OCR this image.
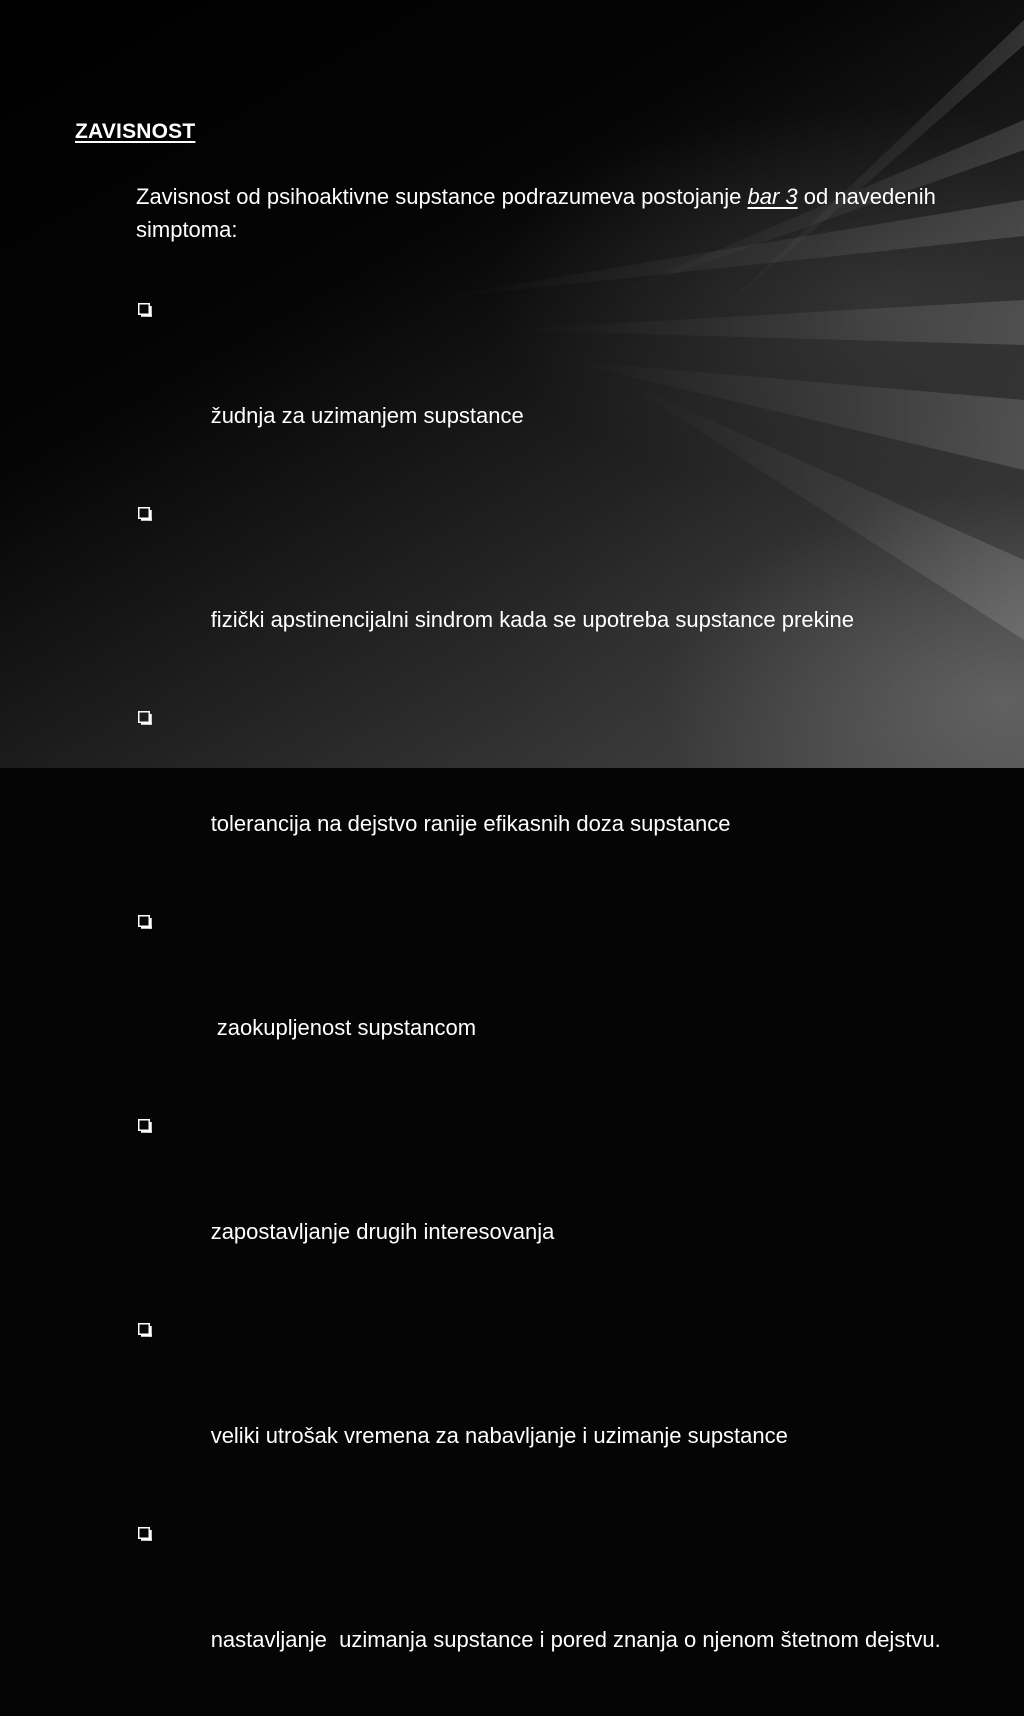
ZAVISNOST

Zavisnost od psihoaktivne supstance podrazumeva postojanje bar 3 od navedenih simptoma:

žudnja za uzimanjem supstance

fizički apstinencijalni sindrom kada se upotreba supstance prekine

tolerancija na dejstvo ranije efikasnih doza supstance

zaokupljenost supstancom

zapostavljanje drugih interesovanja

veliki utrošak vremena za nabavljanje i uzimanje supstance

nastavljanje  uzimanja supstance i pored znanja o njenom štetnom dejstvu.
